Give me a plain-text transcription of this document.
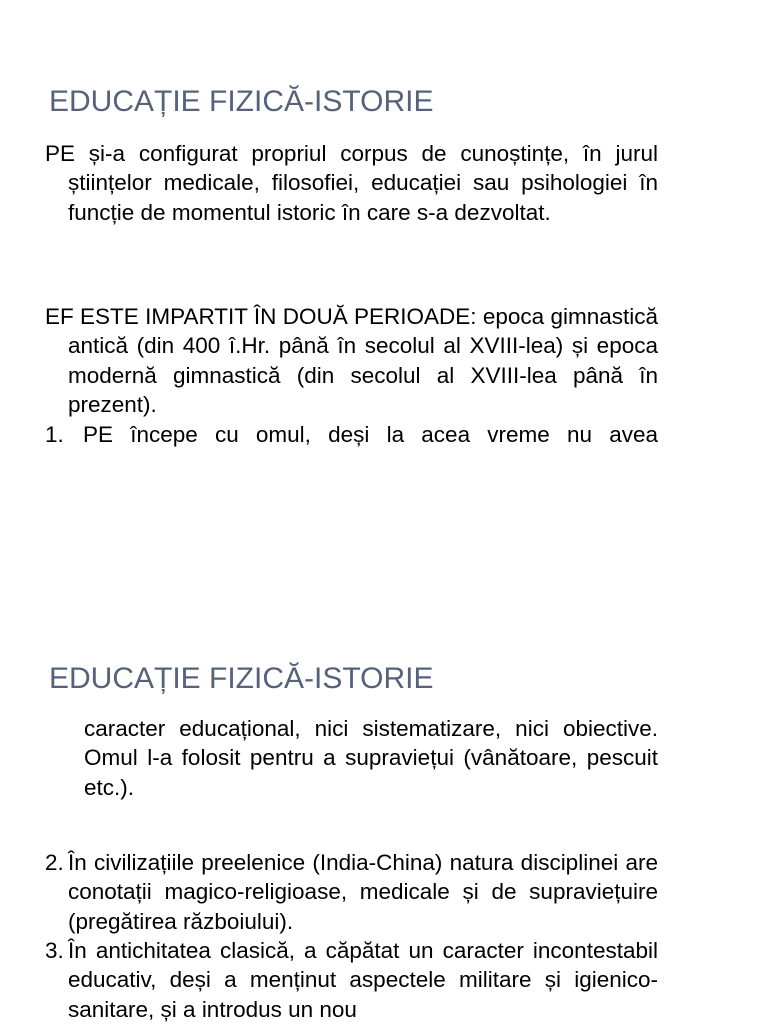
EDUCAȚIE FIZICĂ-ISTORIE

PE și-a configurat propriul corpus de cunoștințe, în jurul științelor medicale, filosofiei, educației sau psihologiei în funcție de momentul istoric în care s-a dezvoltat.

EF ESTE IMPARTIT ÎN DOUĂ PERIOADE: epoca gimnastică antică (din 400 î.Hr. până în secolul al XVIII-lea) și epoca modernă gimnastică (din secolul al XVIII-lea până în prezent).

1. PE începe cu omul, deși la acea vreme nu avea
EDUCAȚIE FIZICĂ-ISTORIE

caracter educațional, nici sistematizare, nici obiective. Omul l-a folosit pentru a supraviețui (vânătoare, pescuit etc.).

2. În civilizațiile preelenice (India-China) natura disciplinei are conotații magico-religioase, medicale și de supraviețuire (pregătirea războiului).
3. În antichitatea clasică, a căpătat un caracter incontestabil educativ, deși a menținut aspectele militare și igienico-sanitare, și a introdus un nou
